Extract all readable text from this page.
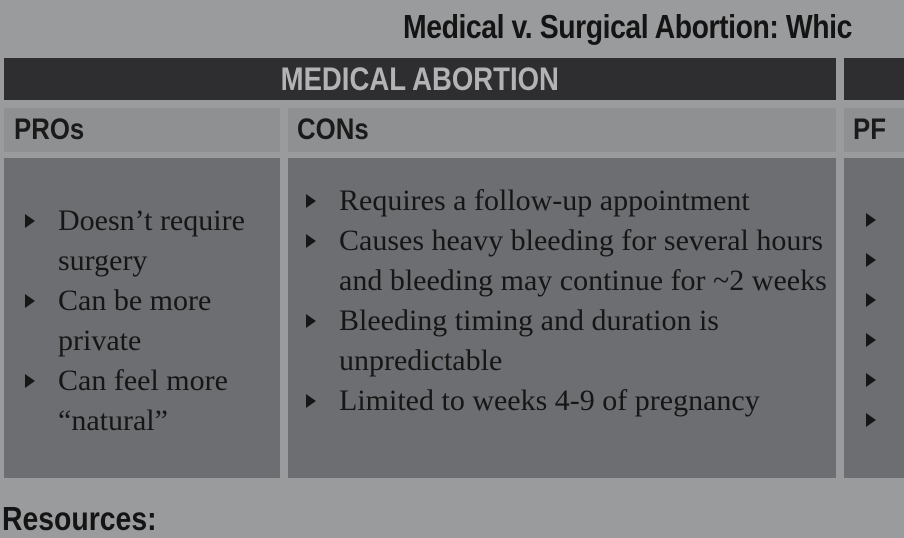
Medical v. Surgical Abortion: Whic
MEDICAL ABORTION
PROs	CONs	PF
Doesn’t require surgery
Can be more private
Can feel more “natural”
Requires a follow-up appointment
Causes heavy bleeding for several hours and bleeding may continue for ~2 weeks
Bleeding timing and duration is unpredictable
Limited to weeks 4-9 of pregnancy
Resources:
